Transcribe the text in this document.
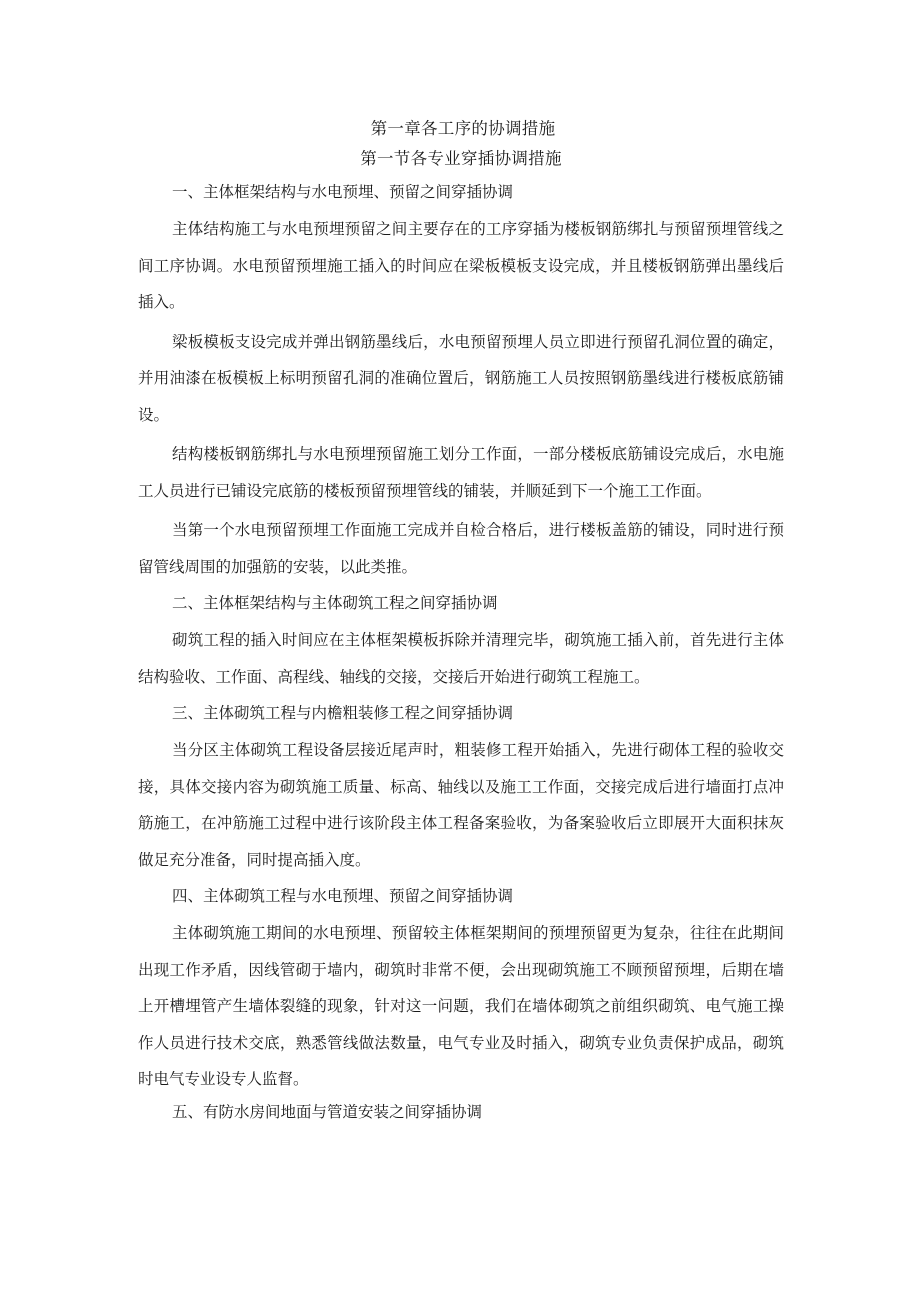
第一章各工序的协调措施
第一节各专业穿插协调措施

一、主体框架结构与水电预埋、预留之间穿插协调

主体结构施工与水电预埋预留之间主要存在的工序穿插为楼板钢筋绑扎与预留预埋管线之间工序协调。水电预留预埋施工插入的时间应在梁板模板支设完成，并且楼板钢筋弹出墨线后插入。

梁板模板支设完成并弹出钢筋墨线后，水电预留预埋人员立即进行预留孔洞位置的确定，并用油漆在板模板上标明预留孔洞的准确位置后，钢筋施工人员按照钢筋墨线进行楼板底筋铺设。

结构楼板钢筋绑扎与水电预埋预留施工划分工作面，一部分楼板底筋铺设完成后，水电施工人员进行已铺设完底筋的楼板预留预埋管线的铺装，并顺延到下一个施工工作面。

当第一个水电预留预埋工作面施工完成并自检合格后，进行楼板盖筋的铺设，同时进行预留管线周围的加强筋的安装，以此类推。

二、主体框架结构与主体砌筑工程之间穿插协调

砌筑工程的插入时间应在主体框架模板拆除并清理完毕，砌筑施工插入前，首先进行主体结构验收、工作面、高程线、轴线的交接，交接后开始进行砌筑工程施工。

三、主体砌筑工程与内檐粗装修工程之间穿插协调

当分区主体砌筑工程设备层接近尾声时，粗装修工程开始插入，先进行砌体工程的验收交接，具体交接内容为砌筑施工质量、标高、轴线以及施工工作面，交接完成后进行墙面打点冲筋施工，在冲筋施工过程中进行该阶段主体工程备案验收，为备案验收后立即展开大面积抹灰做足充分准备，同时提高插入度。

四、主体砌筑工程与水电预埋、预留之间穿插协调

主体砌筑施工期间的水电预埋、预留较主体框架期间的预埋预留更为复杂，往往在此期间出现工作矛盾，因线管砌于墙内，砌筑时非常不便，会出现砌筑施工不顾预留预埋，后期在墙上开槽埋管产生墙体裂缝的现象，针对这一问题，我们在墙体砌筑之前组织砌筑、电气施工操作人员进行技术交底，熟悉管线做法数量，电气专业及时插入，砌筑专业负责保护成品，砌筑时电气专业设专人监督。

五、有防水房间地面与管道安装之间穿插协调
